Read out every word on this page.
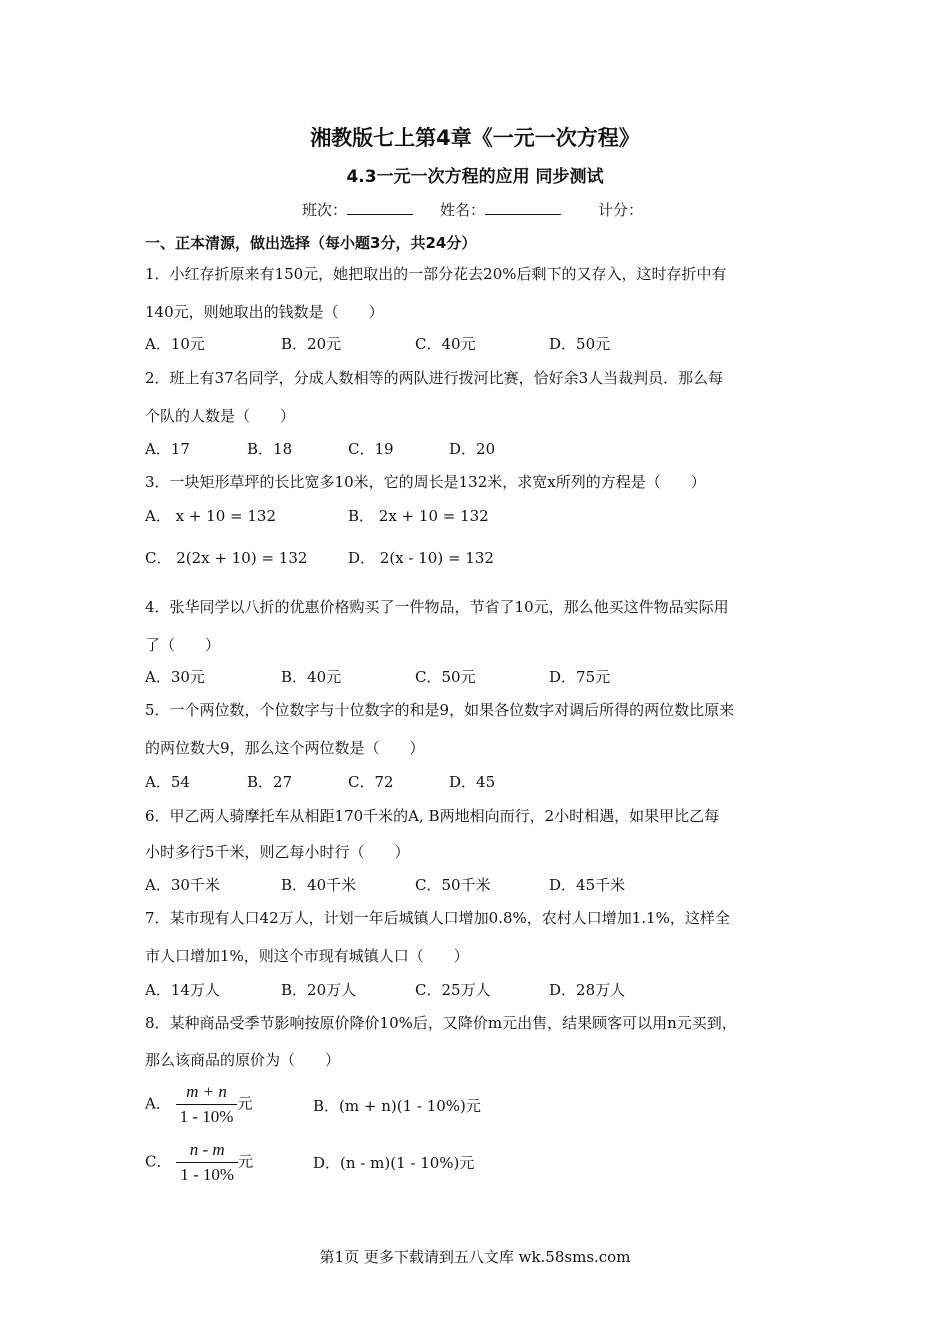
湘教版七上第4章《一元一次方程》
4.3一元一次方程的应用 同步测试
班次：	姓名：	计分：
一、正本清源，做出选择（每小题3分，共24分）
1．小红存折原来有150元，她把取出的一部分花去20%后剩下的又存入，这时存折中有
140元，则她取出的钱数是（　　）
A．10元	B．20元	C．40元	D．50元
2．班上有37名同学，分成人数相等的两队进行拨河比赛，恰好余3人当裁判员．那么每
个队的人数是（　　）
A．17	B．18	C．19	D．20
3．一块矩形草坪的长比宽多10米，它的周长是132米，求宽x所列的方程是（　　）
A． x + 10 = 132	B． 2x + 10 = 132
C． 2(2x + 10) = 132	D． 2(x - 10) = 132
4．张华同学以八折的优惠价格购买了一件物品，节省了10元，那么他买这件物品实际用
了（　　）
A．30元	B．40元	C．50元	D．75元
5．一个两位数，个位数字与十位数字的和是9，如果各位数字对调后所得的两位数比原来
的两位数大9，那么这个两位数是（　　）
A．54	B．27	C．72	D．45
6．甲乙两人骑摩托车从相距170千米的A, B两地相向而行，2小时相遇，如果甲比乙每
小时多行5千米，则乙每小时行（　　）
A．30千米	B．40千米	C．50千米	D．45千米
7．某市现有人口42万人，计划一年后城镇人口增加0.8%，农村人口增加1.1%，这样全
市人口增加1%，则这个市现有城镇人口（　　）
A．14万人	B．20万人	C．25万人	D．28万人
8．某种商品受季节影响按原价降价10%后，又降价m元出售，结果顾客可以用n元买到，
那么该商品的原价为（　　）
A． $\frac{m + n}{1 - 10\%}$ 元	B．(m + n)(1 - 10%)元
C． $\frac{n - m}{1 - 10\%}$ 元	D．(n - m)(1 - 10%)元
第1页 更多下载请到五八文库 wk.58sms.com
